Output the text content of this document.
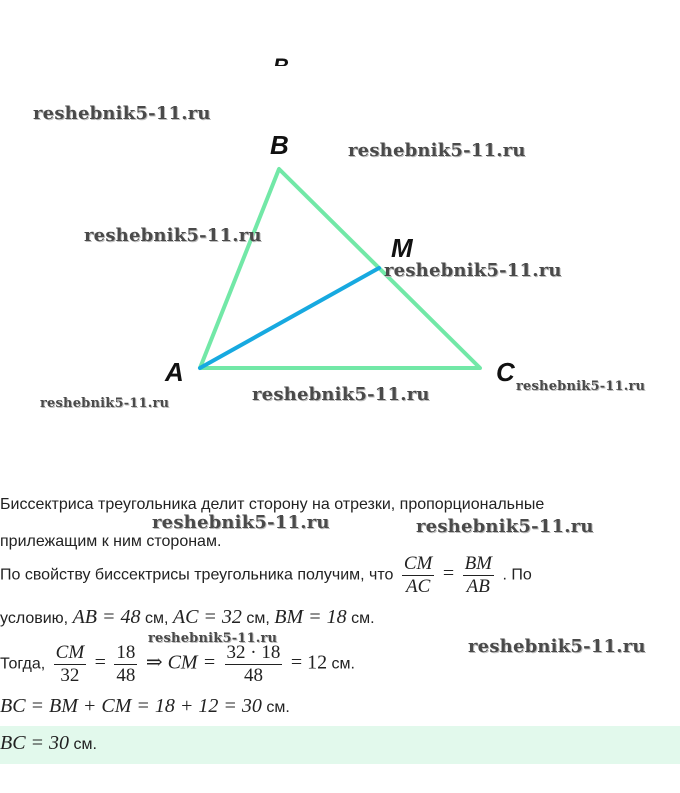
B
M
A	C
reshebnik5-11.ru
reshebnik5-11.ru
reshebnik5-11.ru
reshebnik5-11.ru
reshebnik5-11.ru
reshebnik5-11.ru
reshebnik5-11.ru
reshebnik5-11.ru	reshebnik5-11.ru
reshebnik5-11.ru	reshebnik5-11.ru
Биссектриса треугольника делит сторону на отрезки, пропорциональные
прилежащим к ним сторонам.
По свойству биссектрисы треугольника получим, что $\frac{CM}{AC} = \frac{BM}{AB}$ . По
условию, AB = 48 см, AC = 32 см, BM = 18 см.
Тогда, $\frac{CM}{32} = \frac{18}{48}$ ⇒ CM = $\frac{32 \cdot 18}{48} = 12$ см.
BC = BM + CM = 18 + 12 = 30 см.
BC = 30 см.
